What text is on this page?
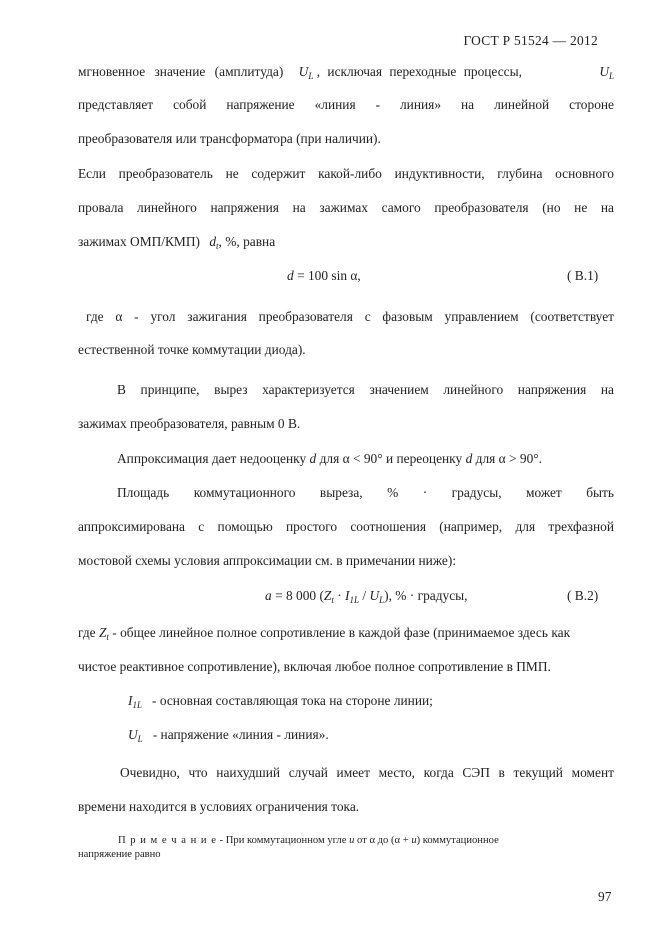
ГОСТ Р 51524 — 2012
мгновенное значение (амплитуда) $U_L$ , исключая переходные процессы,	$U_L$
представляет собой напряжение «линия - линия» на линейной стороне
преобразователя или трансформатора (при наличии).
Если преобразователь не содержит какой-либо индуктивности, глубина основного
провала линейного напряжения на зажимах самого преобразователя (но не на
зажимах ОМП/КМП) $d_t$, %, равна
d = 100 sin α,	( В.1)
где α - угол зажигания преобразователя с фазовым управлением (соответствует
естественной точке коммутации диода).
В принципе, вырез характеризуется значением линейного напряжения на
зажимах преобразователя, равным 0 В.
Аппроксимация дает недооценку d для α < 90° и переоценку d для α > 90°.
Площадь коммутационного выреза, % · градусы, может быть
аппроксимирована с помощью простого соотношения (например, для трехфазной
мостовой схемы условия аппроксимации см. в примечании ниже):
a = 8 000 $(Z_t \cdot I_{1L} / U_L)$, % · градусы,	( В.2)
где $Z_t$ - общее линейное полное сопротивление в каждой фазе (принимаемое здесь как
чистое реактивное сопротивление), включая любое полное сопротивление в ПМП.
$I_{1L}$ - основная составляющая тока на стороне линии;
$U_L$ - напряжение «линия - линия».
Очевидно, что наихудший случай имеет место, когда СЭП в текущий момент
времени находится в условиях ограничения тока.
П р и м е ч а н и е - При коммутационном угле u от α до (α + u) коммутационное
напряжение равно
97
